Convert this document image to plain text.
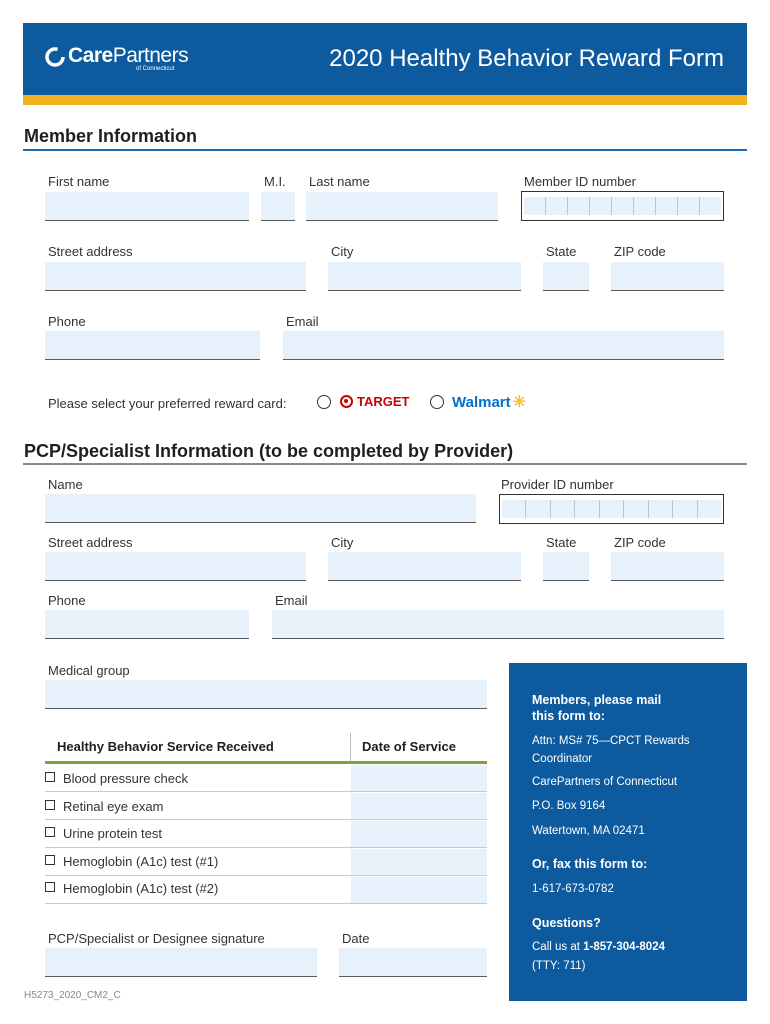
CarePartners
of Connecticut	2020 Healthy Behavior Reward Form
Member Information
First name	M.I. Last name	Member ID number
Street address	City	State	ZIP code
Phone	Email
Please select your preferred reward card:	TARGET	Walmart ✳
PCP/Specialist Information (to be completed by Provider)
Name	Provider ID number
Street address	City	State	ZIP code
Phone	Email
Medical group
Healthy Behavior Service Received	Date of Service
Blood pressure check
Retinal eye exam
Urine protein test
Hemoglobin (A1c) test (#1)
Hemoglobin (A1c) test (#2)
PCP/Specialist or Designee signature	Date
Members, please mail this form to:
Attn: MS# 75—CPCT Rewards Coordinator
CarePartners of Connecticut
P.O. Box 9164
Watertown, MA 02471
Or, fax this form to:
1-617-673-0782
Questions?
Call us at 1-857-304-8024
(TTY: 711)
H5273_2020_CM2_C
